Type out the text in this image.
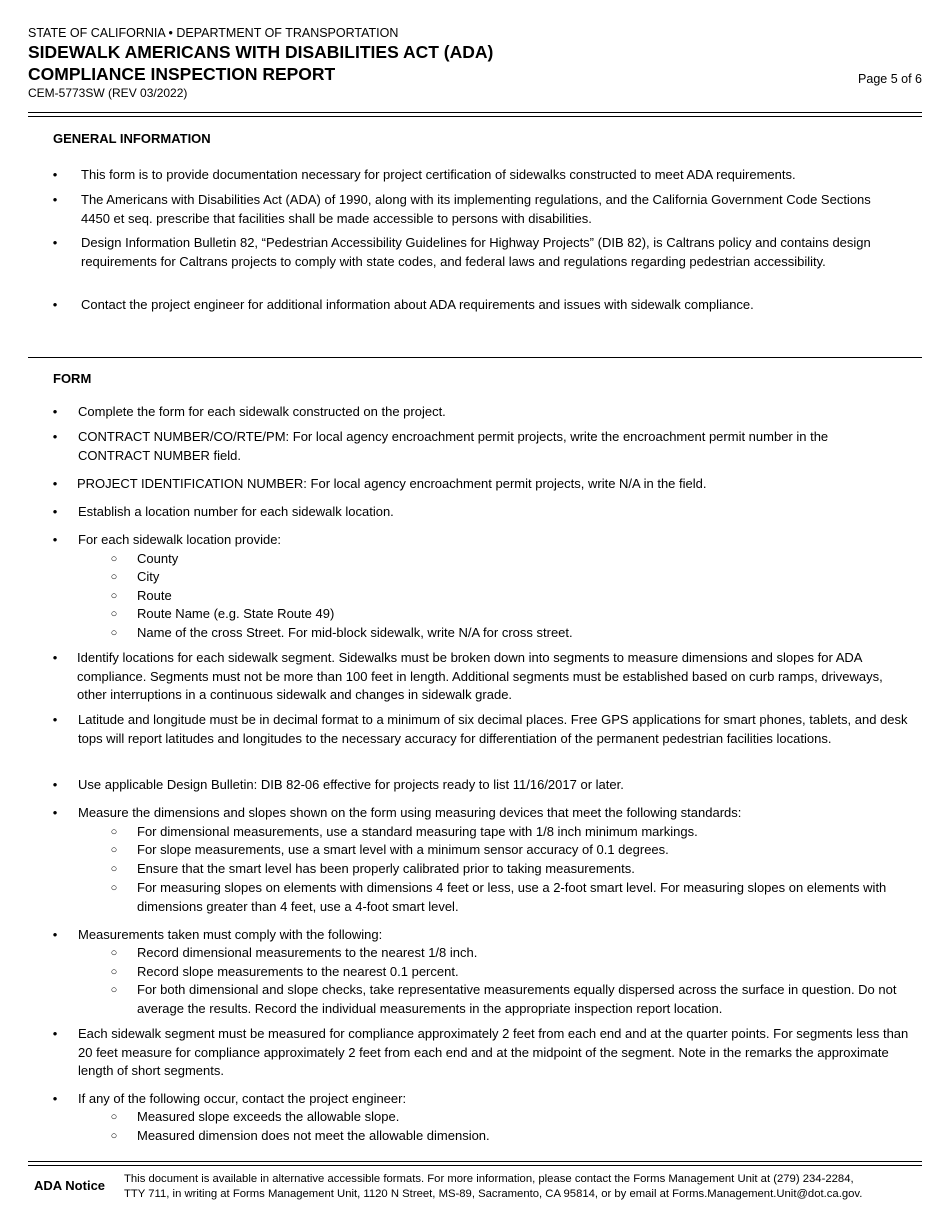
STATE OF CALIFORNIA • DEPARTMENT OF TRANSPORTATION
SIDEWALK AMERICANS WITH DISABILITIES ACT (ADA)
COMPLIANCE INSPECTION REPORT
CEM-5773SW (REV 03/2022)
Page 5 of 6
GENERAL INFORMATION
• This form is to provide documentation necessary for project certification of sidewalks constructed to meet ADA requirements.
• The Americans with Disabilities Act (ADA) of 1990, along with its implementing regulations, and the California Government Code Sections 4450 et seq. prescribe that facilities shall be made accessible to persons with disabilities.
• Design Information Bulletin 82, “Pedestrian Accessibility Guidelines for Highway Projects” (DIB 82), is Caltrans policy and contains design requirements for Caltrans projects to comply with state codes, and federal laws and regulations regarding pedestrian accessibility.
• Contact the project engineer for additional information about ADA requirements and issues with sidewalk compliance.
FORM
• Complete the form for each sidewalk constructed on the project.
• CONTRACT NUMBER/CO/RTE/PM: For local agency encroachment permit projects, write the encroachment permit number in the CONTRACT NUMBER field.
• PROJECT IDENTIFICATION NUMBER: For local agency encroachment permit projects, write N/A in the field.
• Establish a location number for each sidewalk location.
• For each sidewalk location provide:
○ County
○ City
○ Route
○ Route Name (e.g. State Route 49)
○ Name of the cross Street. For mid-block sidewalk, write N/A for cross street.
• Identify locations for each sidewalk segment. Sidewalks must be broken down into segments to measure dimensions and slopes for ADA compliance. Segments must not be more than 100 feet in length. Additional segments must be established based on curb ramps, driveways, other interruptions in a continuous sidewalk and changes in sidewalk grade.
• Latitude and longitude must be in decimal format to a minimum of six decimal places. Free GPS applications for smart phones, tablets, and desk tops will report latitudes and longitudes to the necessary accuracy for differentiation of the permanent pedestrian facilities locations.
• Use applicable Design Bulletin: DIB 82-06 effective for projects ready to list 11/16/2017 or later.
• Measure the dimensions and slopes shown on the form using measuring devices that meet the following standards:
○ For dimensional measurements, use a standard measuring tape with 1/8 inch minimum markings.
○ For slope measurements, use a smart level with a minimum sensor accuracy of 0.1 degrees.
○ Ensure that the smart level has been properly calibrated prior to taking measurements.
○ For measuring slopes on elements with dimensions 4 feet or less, use a 2-foot smart level. For measuring slopes on elements with dimensions greater than 4 feet, use a 4-foot smart level.
• Measurements taken must comply with the following:
○ Record dimensional measurements to the nearest 1/8 inch.
○ Record slope measurements to the nearest 0.1 percent.
○ For both dimensional and slope checks, take representative measurements equally dispersed across the surface in question. Do not average the results. Record the individual measurements in the appropriate inspection report location.
• Each sidewalk segment must be measured for compliance approximately 2 feet from each end and at the quarter points. For segments less than 20 feet measure for compliance approximately 2 feet from each end and at the midpoint of the segment. Note in the remarks the approximate length of short segments.
• If any of the following occur, contact the project engineer:
○ Measured slope exceeds the allowable slope.
○ Measured dimension does not meet the allowable dimension.
ADA Notice This document is available in alternative accessible formats. For more information, please contact the Forms Management Unit at (279) 234-2284,
TTY 711, in writing at Forms Management Unit, 1120 N Street, MS-89, Sacramento, CA 95814, or by email at Forms.Management.Unit@dot.ca.gov.
